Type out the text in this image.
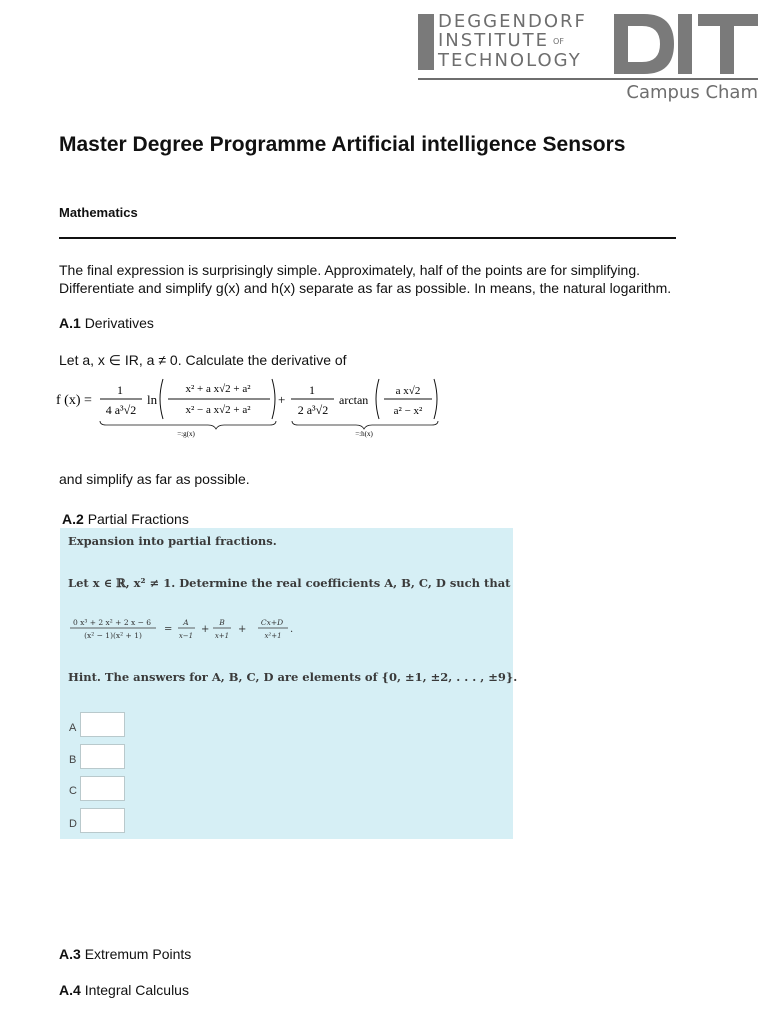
DEGGENDORF
INSTITUTE OF
TECHNOLOGY
Campus Cham
Master Degree Programme Artificial intelligence Sensors
Mathematics
The final expression is surprisingly simple. Approximately, half of the points are for simplifying. Differentiate and simplify g(x) and h(x) separate as far as possible. In means, the natural logarithm.
A.1 Derivatives
Let a, x ∈ IR, a ≠ 0. Calculate the derivative of
f (x) =
1
4 a³√2
ln
x² + a x√2 + a²
x² − a x√2 + a²
+
1
2 a³√2
arctan
a x√2
a² − x²
=:g(x)	=:h(x)
and simplify as far as possible.
A.2 Partial Fractions
Expansion into partial fractions.
Let x ∈ ℝ, x² ≠ 1. Determine the real coefficients A, B, C, D such that
0 x³ + 2 x² + 2 x − 6
(x² − 1)(x² + 1)
=
A
x−1
+
B
x+1
+
Cx+D
x²+1
.
Hint. The answers for A, B, C, D are elements of {0, ±1, ±2, . . . , ±9}.
A
B
C
D
A.3 Extremum Points
A.4 Integral Calculus
